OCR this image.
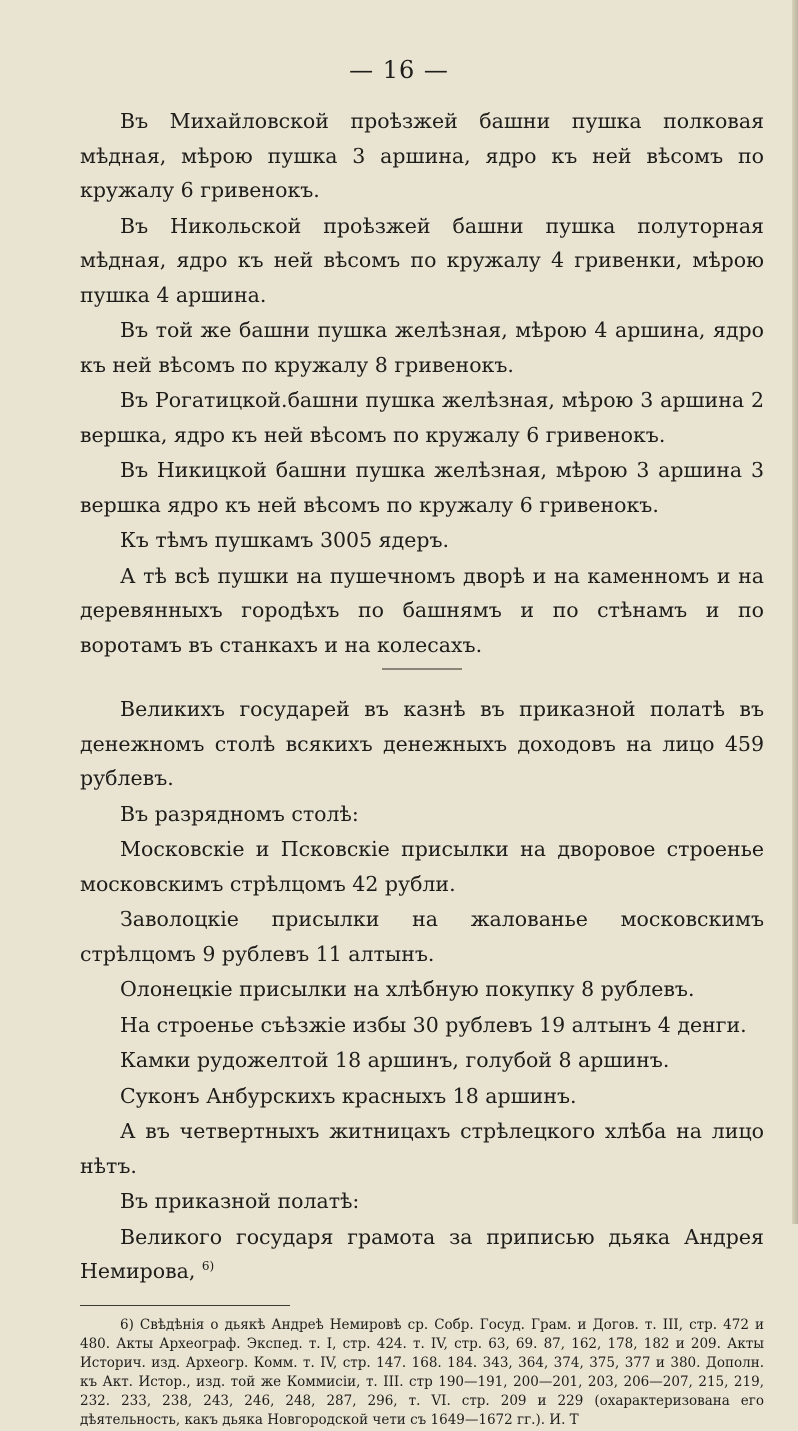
— 16 —

Въ Михайловской проѣзжей башни пушка полковая мѣдная, мѣрою пушка 3 аршина, ядро къ ней вѣсомъ по кружалу 6 гривенокъ.

Въ Никольской проѣзжей башни пушка полуторная мѣдная, ядро къ ней вѣсомъ по кружалу 4 гривенки, мѣрою пушка 4 аршина.

Въ той же башни пушка желѣзная, мѣрою 4 аршина, ядро къ ней вѣсомъ по кружалу 8 гривенокъ.

Въ Рогатицкой.башни пушка желѣзная, мѣрою 3 аршина 2 вершка, ядро къ ней вѣсомъ по кружалу 6 гривенокъ.

Въ Никицкой башни пушка желѣзная, мѣрою 3 аршина 3 вершка ядро къ ней вѣсомъ по кружалу 6 гривенокъ.

Къ тѣмъ пушкамъ 3005 ядеръ.

А тѣ всѣ пушки на пушечномъ дворѣ и на каменномъ и на деревянныхъ городѣхъ по башнямъ и по стѣнамъ и по воротамъ въ станкахъ и на колесахъ.

Великихъ государей въ казнѣ въ приказной полатѣ въ денежномъ столѣ всякихъ денежныхъ доходовъ на лицо 459 рублевъ.

Въ разрядномъ столѣ:

Московскіе и Псковскіе присылки на дворовое строенье московскимъ стрѣлцомъ 42 рубли.

Заволоцкіе присылки на жалованье московскимъ стрѣлцомъ 9 рублевъ 11 алтынъ.

Олонецкіе присылки на хлѣбную покупку 8 рублевъ.

На строенье съѣзжіе избы 30 рублевъ 19 алтынъ 4 денги.

Камки рудожелтой 18 аршинъ, голубой 8 аршинъ.

Суконъ Анбурскихъ красныхъ 18 аршинъ.

А въ четвертныхъ житницахъ стрѣлецкого хлѣба на лицо нѣтъ.

Въ приказной полатѣ:

Великого государя грамота за приписью дьяка Андрея Немирова, $^{6)}$

6) Свѣдѣнія о дьякѣ Андреѣ Немировѣ ср. Собр. Госуд. Грам. и Догов. т. III, стр. 472 и 480. Акты Археограф. Экспед. т. I, стр. 424. т. IV, стр. 63, 69. 87, 162, 178, 182 и 209. Акты Историч. изд. Археогр. Комм. т. IV, стр. 147. 168. 184. 343, 364, 374, 375, 377 и 380. Дополн. къ Акт. Истор., изд. той же Коммисіи, т. III. стр 190—191, 200—201, 203, 206—207, 215, 219, 232. 233, 238, 243, 246, 248, 287, 296, т. VI. стр. 209 и 229 (охарактеризована его дѣятельность, какъ дьяка Новгородской чети съ 1649—1672 гг.). И. Т
